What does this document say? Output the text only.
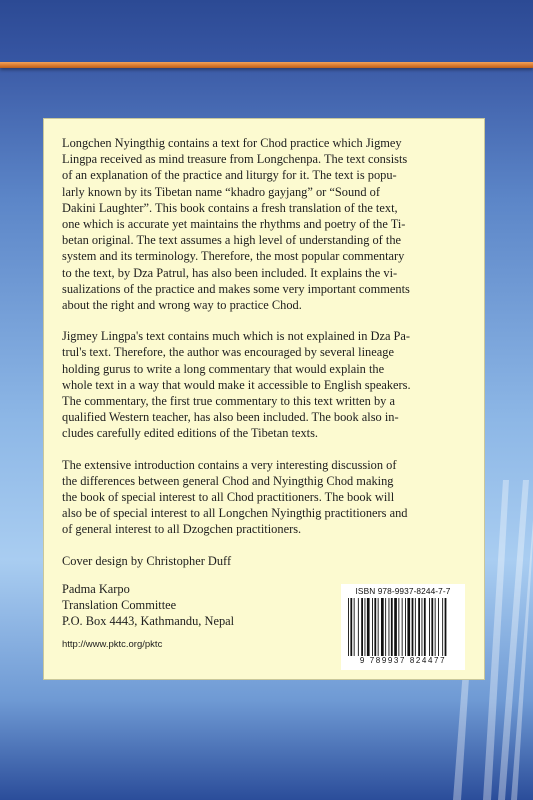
Longchen Nyingthig contains a text for Chod practice which Jigmey
Lingpa received as mind treasure from Longchenpa. The text consists
of an explanation of the practice and liturgy for it. The text is popu-
larly known by its Tibetan name “khadro gayjang” or “Sound of
Dakini Laughter”. This book contains a fresh translation of the text,
one which is accurate yet maintains the rhythms and poetry of the Ti-
betan original. The text assumes a high level of understanding of the
system and its terminology. Therefore, the most popular commentary
to the text, by Dza Patrul, has also been included. It explains the vi-
sualizations of the practice and makes some very important comments
about the right and wrong way to practice Chod.

Jigmey Lingpa's text contains much which is not explained in Dza Pa-
trul's text. Therefore, the author was encouraged by several lineage
holding gurus to write a long commentary that would explain the
whole text in a way that would make it accessible to English speakers.
The commentary, the first true commentary to this text written by a
qualified Western teacher, has also been included. The book also in-
cludes carefully edited editions of the Tibetan texts.

The extensive introduction contains a very interesting discussion of
the differences between general Chod and Nyingthig Chod making
the book of special interest to all Chod practitioners. The book will
also be of special interest to all Longchen Nyingthig practitioners and
of general interest to all Dzogchen practitioners.

Cover design by Christopher Duff

Padma Karpo
Translation Committee
P.O. Box 4443, Kathmandu, Nepal
http://www.pktc.org/pktc
ISBN 978-9937-8244-7-7
9 789937 824477
